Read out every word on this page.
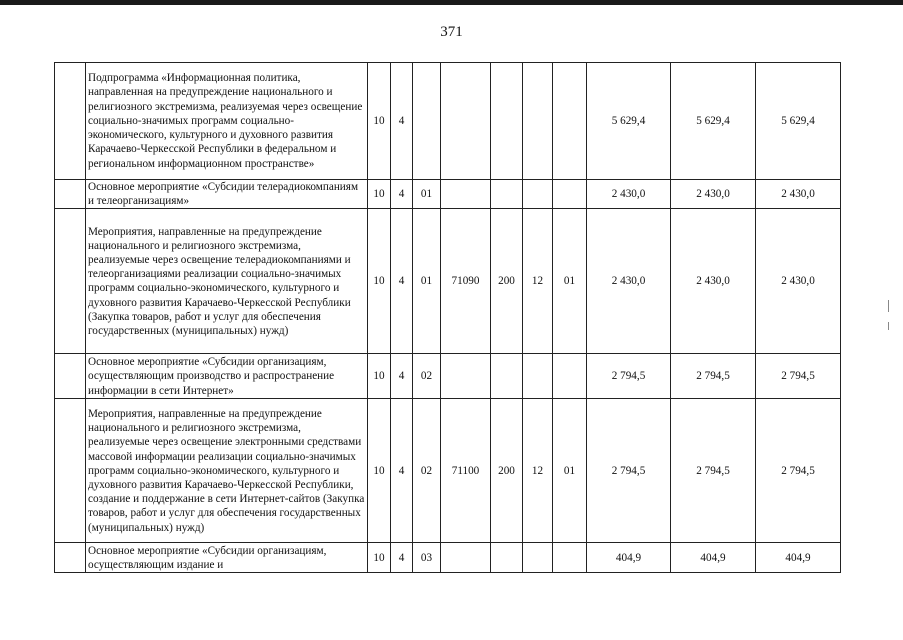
371
	Подпрограмма «Информационная политика, направленная на предупреждение национального и религиозного экстремизма, реализуемая через освещение социально-значимых программ социально-экономического, культурного и духовного развития Карачаево-Черкесской Республики в федеральном и региональном информационном пространстве»	10	4						5 629,4	5 629,4	5 629,4
	Основное мероприятие «Субсидии телерадиокомпаниям и телеорганизациям»	10	4	01					2 430,0	2 430,0	2 430,0
	Мероприятия, направленные на предупреждение национального и религиозного экстремизма, реализуемые через освещение телерадиокомпаниями и телеорганизациями реализации социально-значимых программ социально-экономического, культурного и духовного развития Карачаево-Черкесской Республики (Закупка товаров, работ и услуг для обеспечения государственных (муниципальных) нужд)	10	4	01	71090	200	12	01	2 430,0	2 430,0	2 430,0
	Основное мероприятие «Субсидии организациям, осуществляющим производство и распространение информации в сети Интернет»	10	4	02					2 794,5	2 794,5	2 794,5
	Мероприятия, направленные на предупреждение национального и религиозного экстремизма, реализуемые через освещение электронными средствами массовой информации реализации социально-значимых программ социально-экономического, культурного и духовного развития Карачаево-Черкесской Республики, создание и поддержание в сети Интернет-сайтов (Закупка товаров, работ и услуг для обеспечения государственных (муниципальных) нужд)	10	4	02	71100	200	12	01	2 794,5	2 794,5	2 794,5
	Основное мероприятие «Субсидии организациям, осуществляющим издание и	10	4	03					404,9	404,9	404,9
